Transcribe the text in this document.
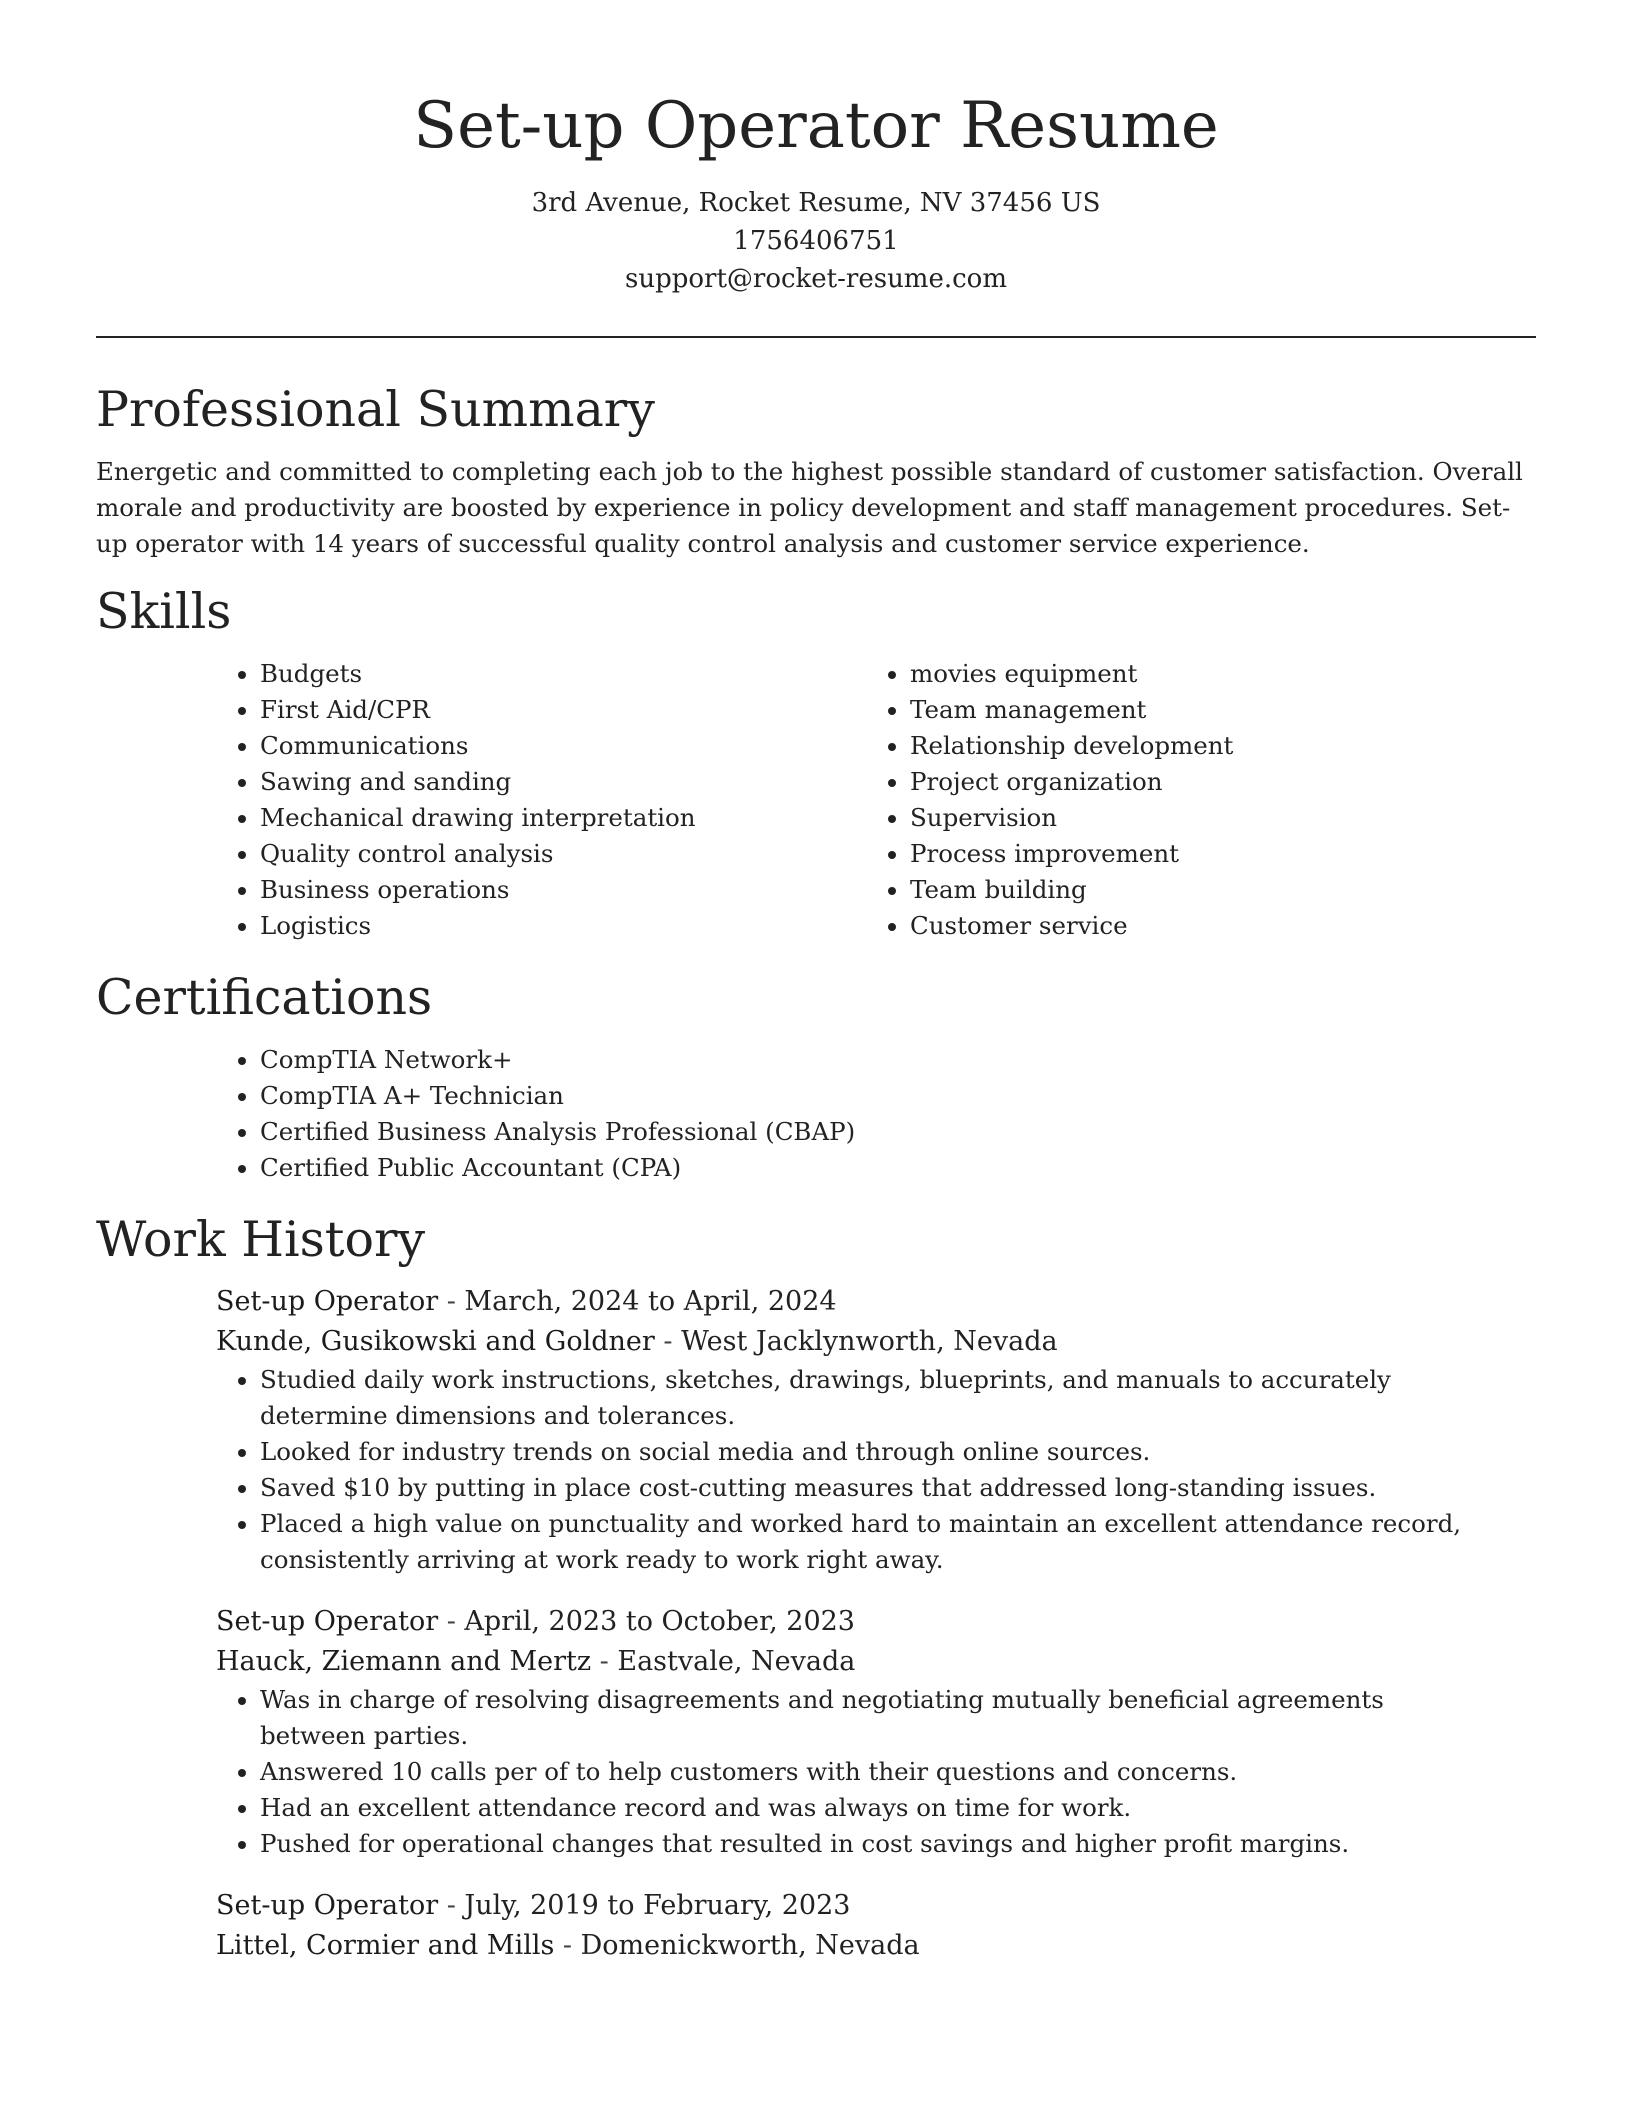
Set-up Operator Resume
3rd Avenue, Rocket Resume, NV 37456 US
1756406751
support@rocket-resume.com
Professional Summary

Energetic and committed to completing each job to the highest possible standard of customer satisfaction. Overall morale and productivity are boosted by experience in policy development and staff management procedures. Set-up operator with 14 years of successful quality control analysis and customer service experience.

Skills
• Budgets
• First Aid/CPR
• Communications
• Sawing and sanding
• Mechanical drawing interpretation
• Quality control analysis
• Business operations
• Logistics
• movies equipment
• Team management
• Relationship development
• Project organization
• Supervision
• Process improvement
• Team building
• Customer service
Certifications
• CompTIA Network+
• CompTIA A+ Technician
• Certified Business Analysis Professional (CBAP)
• Certified Public Accountant (CPA)
Work History
Set-up Operator - March, 2024 to April, 2024
Kunde, Gusikowski and Goldner - West Jacklynworth, Nevada
• Studied daily work instructions, sketches, drawings, blueprints, and manuals to accurately determine dimensions and tolerances.
• Looked for industry trends on social media and through online sources.
• Saved $10 by putting in place cost-cutting measures that addressed long-standing issues.
• Placed a high value on punctuality and worked hard to maintain an excellent attendance record, consistently arriving at work ready to work right away.
Set-up Operator - April, 2023 to October, 2023
Hauck, Ziemann and Mertz - Eastvale, Nevada
• Was in charge of resolving disagreements and negotiating mutually beneficial agreements between parties.
• Answered 10 calls per of to help customers with their questions and concerns.
• Had an excellent attendance record and was always on time for work.
• Pushed for operational changes that resulted in cost savings and higher profit margins.
Set-up Operator - July, 2019 to February, 2023
Littel, Cormier and Mills - Domenickworth, Nevada
